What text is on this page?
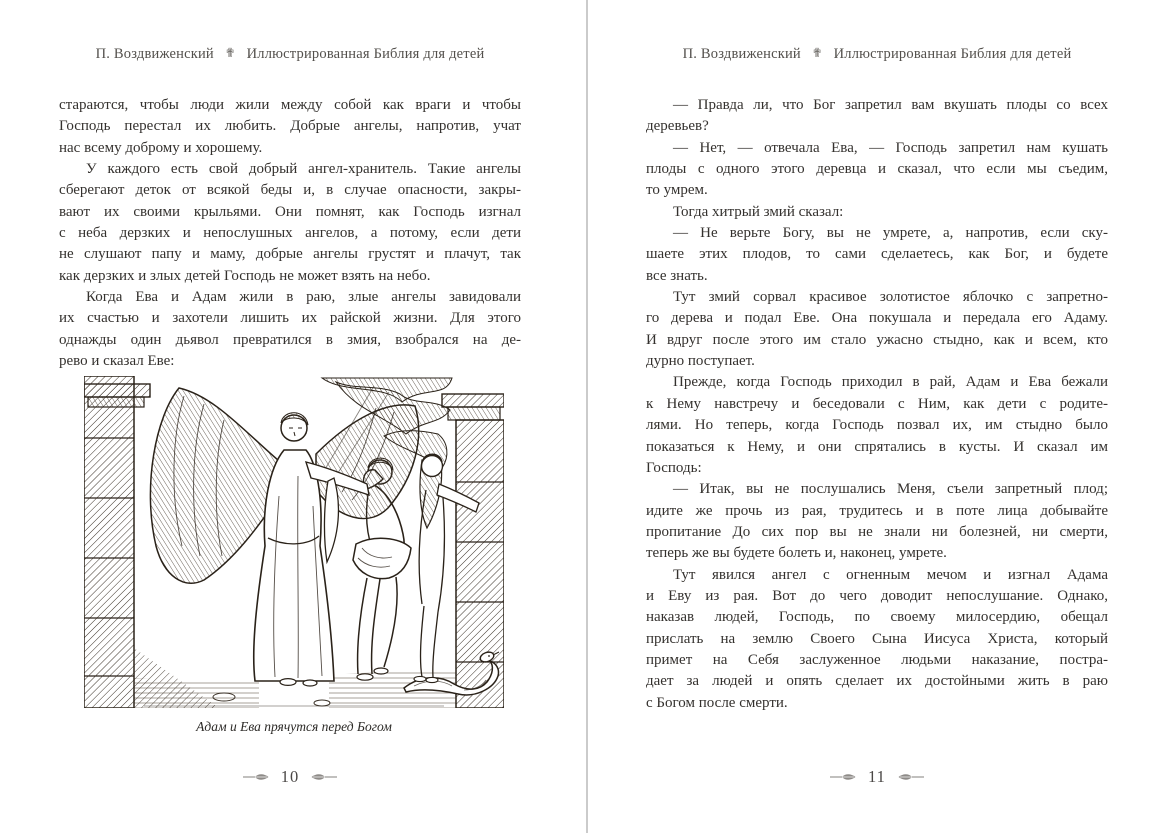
П. Воздвиженский ✟ Иллюстрированная Библия для детей
стараются, чтобы люди жили между собой как враги и чтобы
Господь перестал их любить. Добрые ангелы, напротив, учат
нас всему доброму и хорошему.
У каждого есть свой добрый ангел-хранитель. Такие ангелы
сберегают деток от всякой беды и, в случае опасности, закры-
вают их своими крыльями. Они помнят, как Господь изгнал
с неба дерзких и непослушных ангелов, а потому, если дети
не слушают папу и маму, добрые ангелы грустят и плачут, так
как дерзких и злых детей Господь не может взять на небо.
Когда Ева и Адам жили в раю, злые ангелы завидовали
их счастью и захотели лишить их райской жизни. Для этого
однажды один дьявол превратился в змия, взобрался на де-
рево и сказал Еве:
Адам и Ева прячутся перед Богом
10
П. Воздвиженский ✟ Иллюстрированная Библия для детей
— Правда ли, что Бог запретил вам вкушать плоды со всех
деревьев?
— Нет, — отвечала Ева, — Господь запретил нам кушать
плоды с одного этого деревца и сказал, что если мы съедим,
то умрем.
Тогда хитрый змий сказал:
— Не верьте Богу, вы не умрете, а, напротив, если ску-
шаете этих плодов, то сами сделаетесь, как Бог, и будете
все знать.
Тут змий сорвал красивое золотистое яблочко с запретно-
го дерева и подал Еве. Она покушала и передала его Адаму.
И вдруг после этого им стало ужасно стыдно, как и всем, кто
дурно поступает.
Прежде, когда Господь приходил в рай, Адам и Ева бежали
к Нему навстречу и беседовали с Ним, как дети с родите-
лями. Но теперь, когда Господь позвал их, им стыдно было
показаться к Нему, и они спрятались в кусты. И сказал им
Господь:
— Итак, вы не послушались Меня, съели запретный плод;
идите же прочь из рая, трудитесь и в поте лица добывайте
пропитание До сих пор вы не знали ни болезней, ни смерти,
теперь же вы будете болеть и, наконец, умрете.
Тут явился ангел с огненным мечом и изгнал Адама
и Еву из рая. Вот до чего доводит непослушание. Однако,
наказав людей, Господь, по своему милосердию, обещал
прислать на землю Своего Сына Иисуса Христа, который
примет на Себя заслуженное людьми наказание, постра-
дает за людей и опять сделает их достойными жить в раю
с Богом после смерти.
11
